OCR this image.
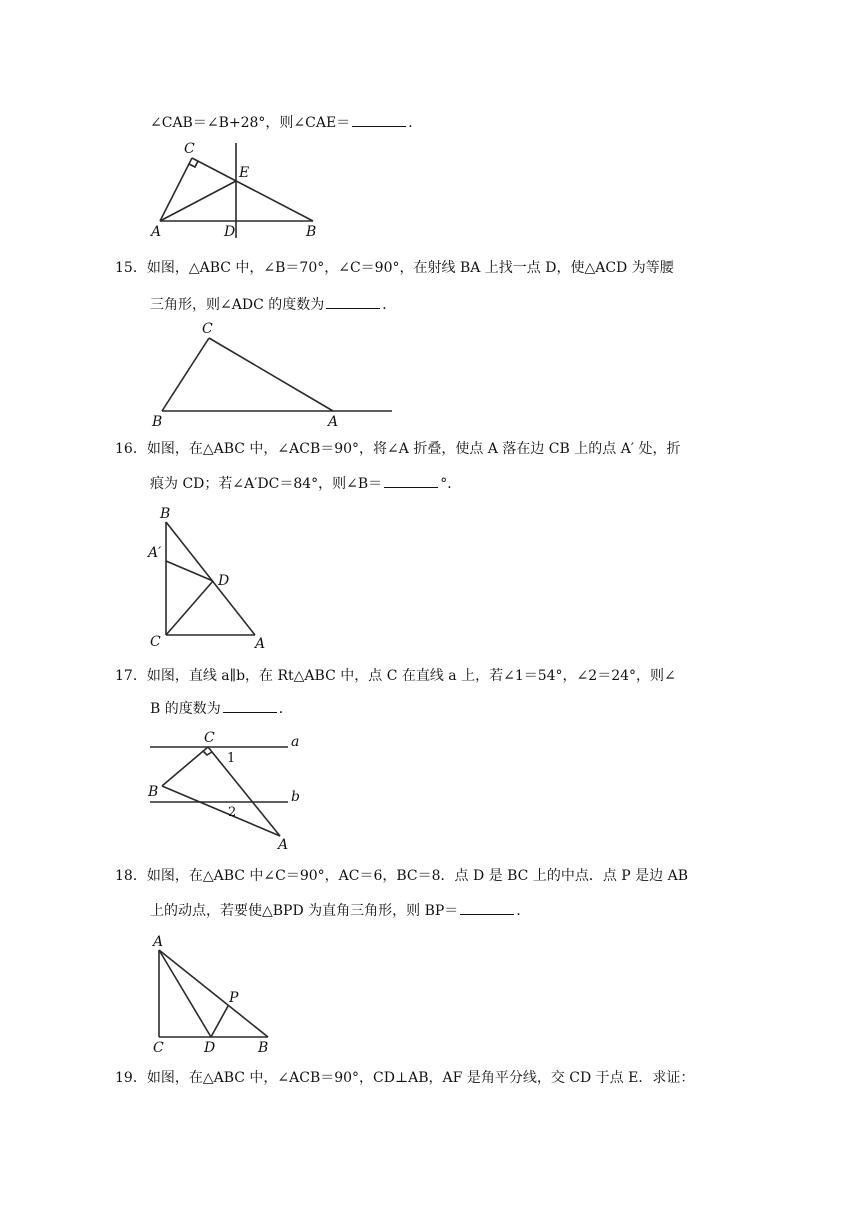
∠CAB＝∠B+28°，则∠CAE＝	．
C
E
A	D	B
15．如图，△ABC 中，∠B＝70°，∠C＝90°，在射线 BA 上找一点 D，使△ACD 为等腰
三角形，则∠ADC 的度数为	．
C
B	A
16．如图，在△ABC 中，∠ACB＝90°，将∠A 折叠，使点 A 落在边 CB 上的点 A′ 处，折
痕为 CD；若∠A′DC＝84°，则∠B＝	°．
B
A′
D
C	A
17．如图，直线 a∥b，在 Rt△ABC 中，点 C 在直线 a 上，若∠1＝54°，∠2＝24°，则∠
B 的度数为	．
C
1
a
B
2
b
A
18．如图，在△ABC 中∠C＝90°，AC＝6，BC＝8．点 D 是 BC 上的中点．点 P 是边 AB
上的动点，若要使△BPD 为直角三角形，则 BP＝	．
A
P
C	D	B
19．如图，在△ABC 中，∠ACB＝90°，CD⊥AB，AF 是角平分线，交 CD 于点 E．求证：
